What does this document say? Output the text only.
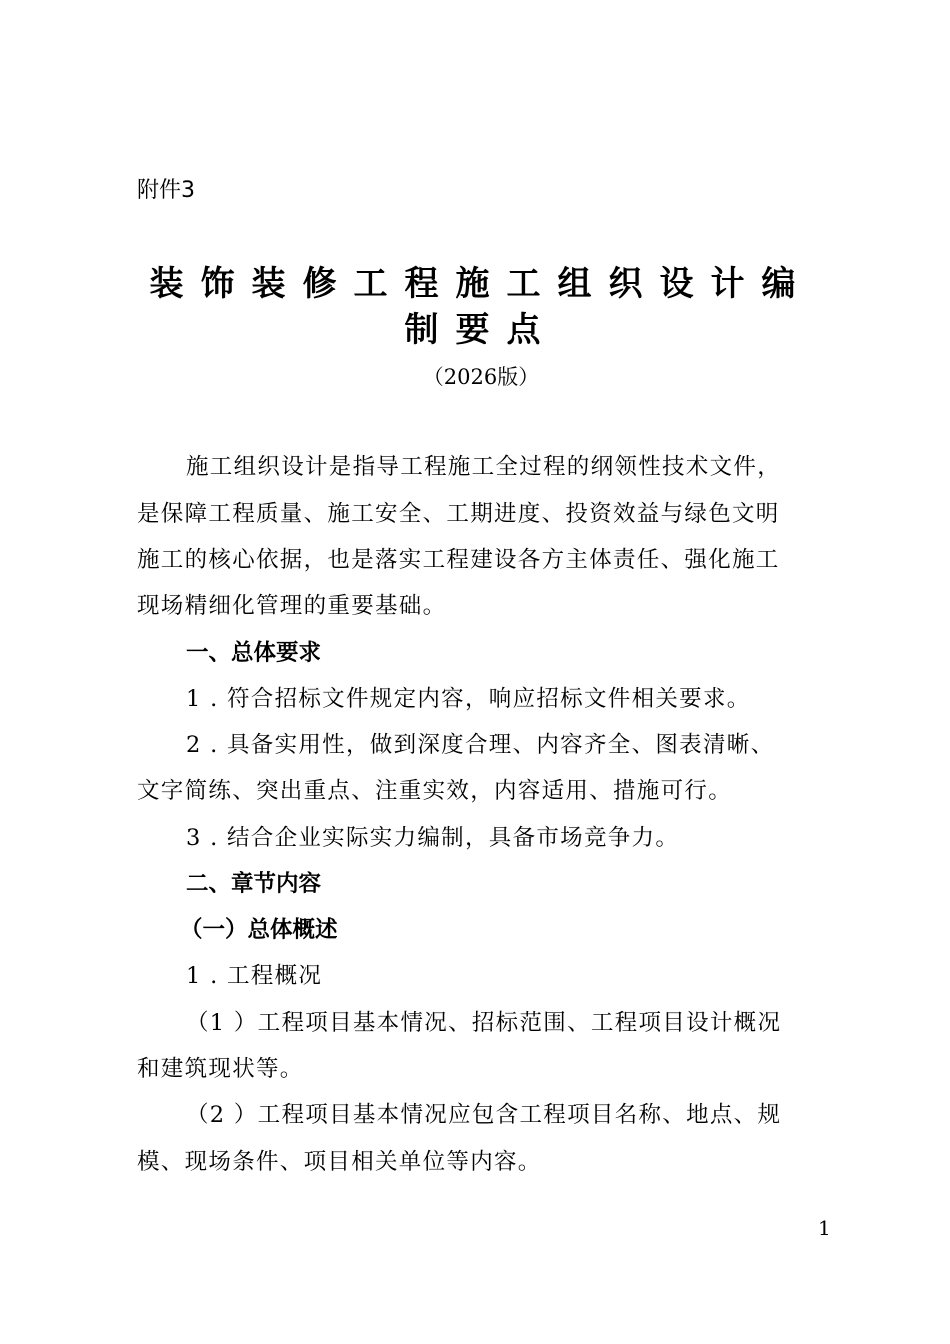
附件3
装饰装修工程施工组织设计编
制要点
（2026版）
施工组织设计是指导工程施工全过程的纲领性技术文件，
是保障工程质量、施工安全、工期进度、投资效益与绿色文明
施工的核心依据，也是落实工程建设各方主体责任、强化施工
现场精细化管理的重要基础。
一、总体要求
1 . 符合招标文件规定内容，响应招标文件相关要求。
2 . 具备实用性，做到深度合理、内容齐全、图表清晰、
文字简练、突出重点、注重实效，内容适用、措施可行。
3 . 结合企业实际实力编制，具备市场竞争力。
二、章节内容
（一）总体概述
1 . 工程概况
（1 ）工程项目基本情况、招标范围、工程项目设计概况
和建筑现状等。
（2 ）工程项目基本情况应包含工程项目名称、地点、规
模、现场条件、项目相关单位等内容。
1
